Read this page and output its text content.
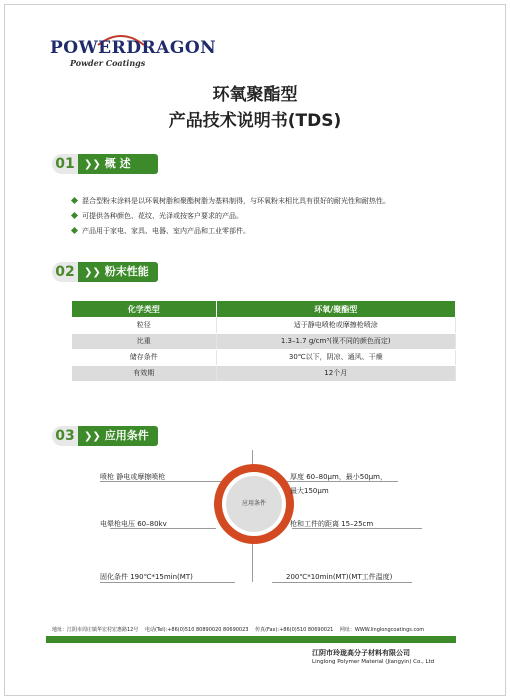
POWERDRAGON
Powder Coatings
环氧聚酯型
产品技术说明书(TDS)
01 ❯❯ 概 述
混合型粉末涂料是以环氧树脂和聚酯树脂为基料制得，与环氧粉末相比具有很好的耐光性和耐热性。
可提供各种颜色、花纹、光泽或按客户要求的产品。
产品用于家电、家具、电器、室内产品和工业零部件。
02 ❯❯ 粉末性能
化学类型	环氧/聚酯型
粒径	适于静电喷枪或摩擦枪喷涂
比重	1.3–1.7 g/cm³(视不同的颜色而定)
储存条件	30℃以下，阴凉、通风、干燥
有效期	12个月
03 ❯❯ 应用条件
应用条件
喷枪 静电或摩擦喷枪
电晕枪电压 60–80kv
固化条件 190℃*15min(MT)
厚度 60–80μm，最小50μm，
最大150μm
枪和工件的距离 15–25cm
200℃*10min(MT)(MT工件温度)
地址：江阴市周庄镇华宏村宏惠路12号 电话(Tel):+86(0)510 80890020 80690023 传真(Fax):+86(0)510 80690021 网址：WWW.linglongcoatings.com
江阴市玲珑高分子材料有限公司
Linglong Polymer Material (Jiangyin) Co., Ltd
